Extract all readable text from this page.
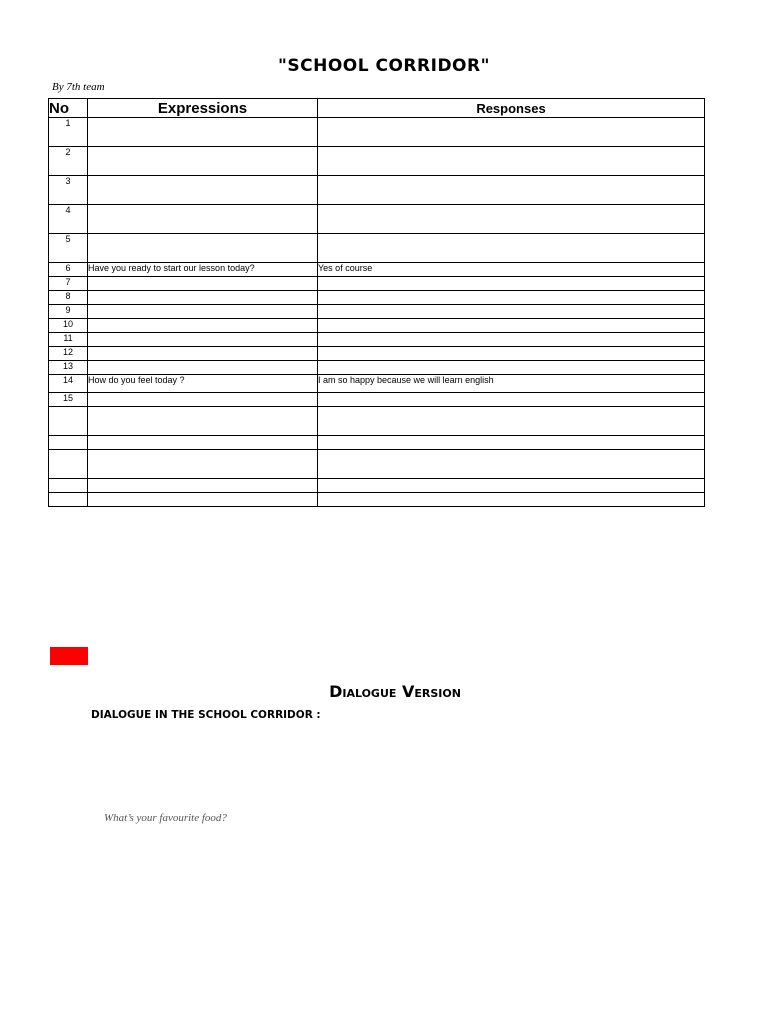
"SCHOOL CORRIDOR"
By 7th team
No	Expressions	Responses
1		
2		
3		
4		
5		
6	Have you ready to start our lesson today?	Yes of course
7		
8		
9		
10		
11		
12		
13		
14	How do you feel today ?	I am so happy because we will learn english
15		

Dialogue Version
DIALOGUE IN THE SCHOOL CORRIDOR :
What’s your favourite food?
